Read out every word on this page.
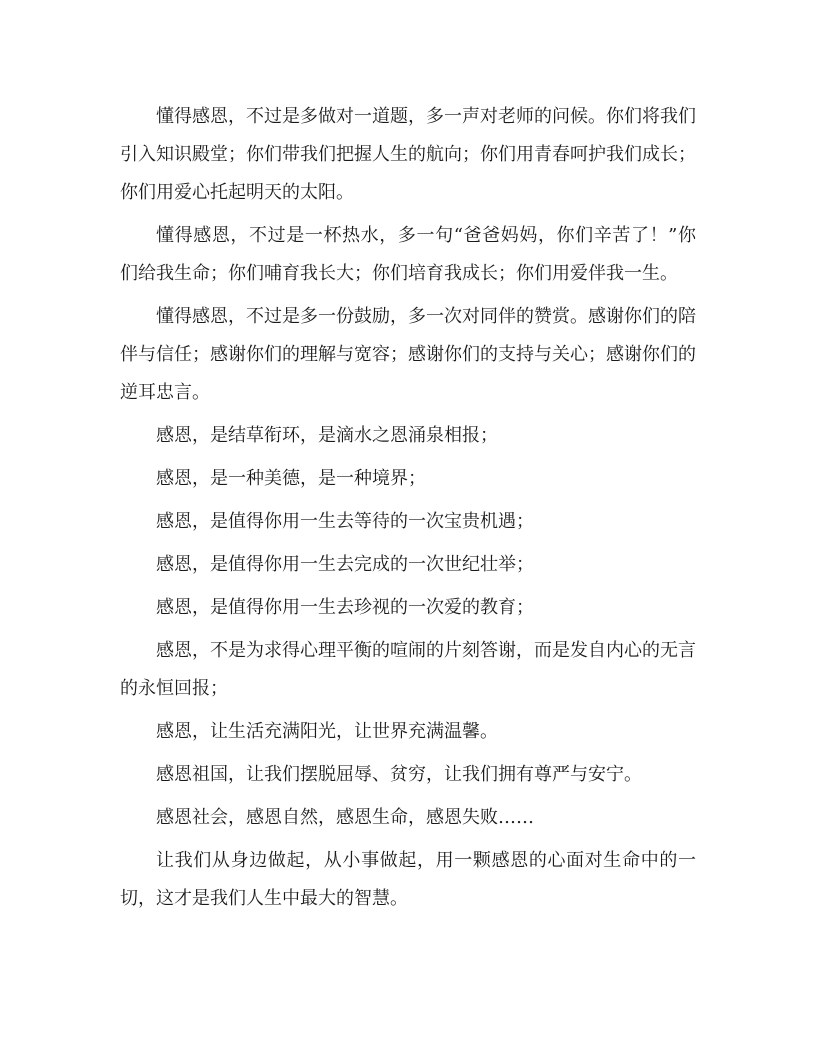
懂得感恩，不过是多做对一道题，多一声对老师的问候。你们将我们引入知识殿堂；你们带我们把握人生的航向；你们用青春呵护我们成长；你们用爱心托起明天的太阳。

懂得感恩，不过是一杯热水，多一句“爸爸妈妈，你们辛苦了！”你们给我生命；你们哺育我长大；你们培育我成长；你们用爱伴我一生。

懂得感恩，不过是多一份鼓励，多一次对同伴的赞赏。感谢你们的陪伴与信任；感谢你们的理解与宽容；感谢你们的支持与关心；感谢你们的逆耳忠言。

感恩，是结草衔环，是滴水之恩涌泉相报；

感恩，是一种美德，是一种境界；

感恩，是值得你用一生去等待的一次宝贵机遇；

感恩，是值得你用一生去完成的一次世纪壮举；

感恩，是值得你用一生去珍视的一次爱的教育；

感恩，不是为求得心理平衡的喧闹的片刻答谢，而是发自内心的无言的永恒回报；

感恩，让生活充满阳光，让世界充满温馨。

感恩祖国，让我们摆脱屈辱、贫穷，让我们拥有尊严与安宁。

感恩社会，感恩自然，感恩生命，感恩失败……

让我们从身边做起，从小事做起，用一颗感恩的心面对生命中的一切，这才是我们人生中最大的智慧。
